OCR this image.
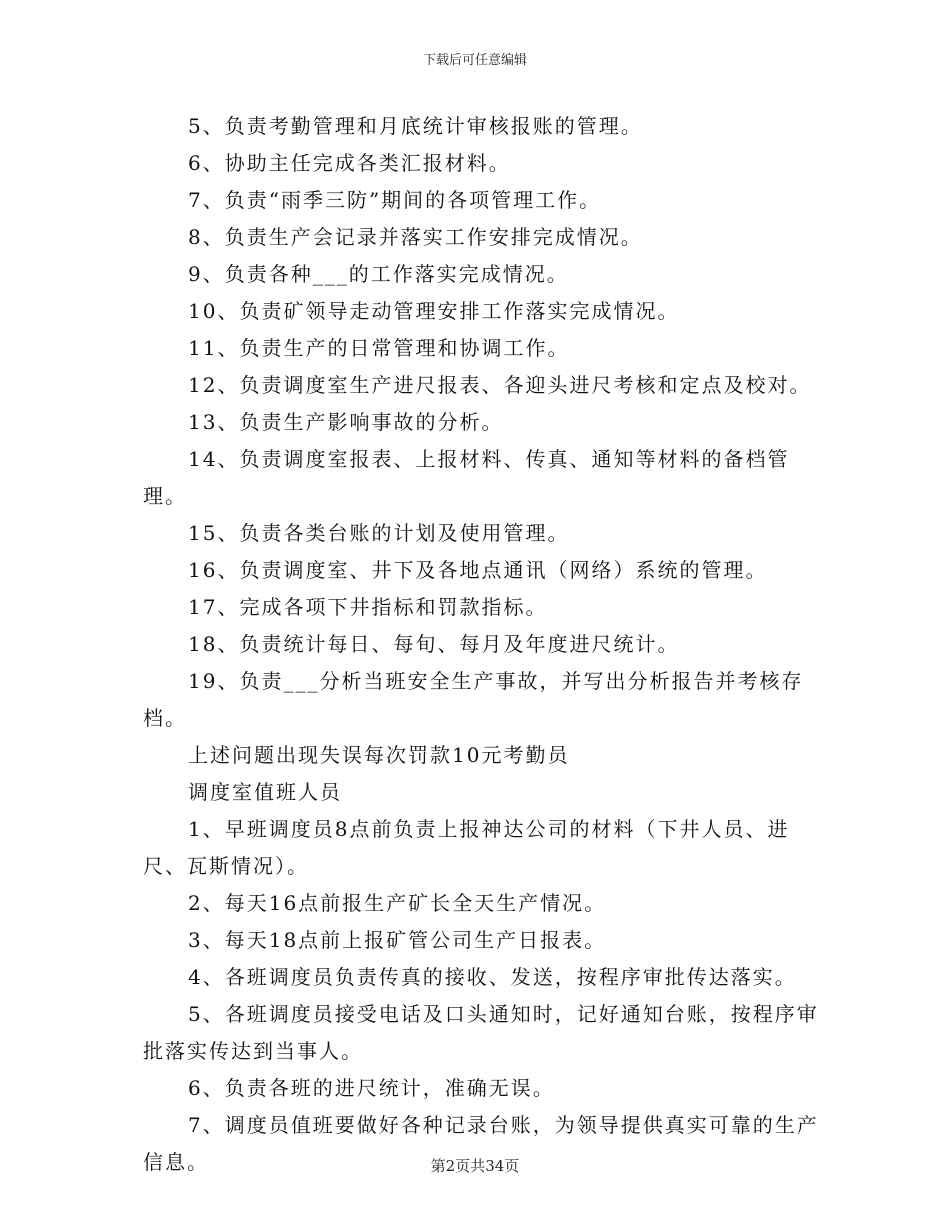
下载后可任意编辑

5、负责考勤管理和月底统计审核报账的管理。

6、协助主任完成各类汇报材料。

7、负责“雨季三防”期间的各项管理工作。

8、负责生产会记录并落实工作安排完成情况。

9、负责各种___的工作落实完成情况。

10、负责矿领导走动管理安排工作落实完成情况。

11、负责生产的日常管理和协调工作。

12、负责调度室生产进尺报表、各迎头进尺考核和定点及校对。

13、负责生产影响事故的分析。

14、负责调度室报表、上报材料、传真、通知等材料的备档管理。

15、负责各类台账的计划及使用管理。

16、负责调度室、井下及各地点通讯（网络）系统的管理。

17、完成各项下井指标和罚款指标。

18、负责统计每日、每旬、每月及年度进尺统计。

19、负责___分析当班安全生产事故，并写出分析报告并考核存档。

上述问题出现失误每次罚款10元考勤员

调度室值班人员

1、早班调度员8点前负责上报神达公司的材料（下井人员、进尺、瓦斯情况）。

2、每天16点前报生产矿长全天生产情况。

3、每天18点前上报矿管公司生产日报表。

4、各班调度员负责传真的接收、发送，按程序审批传达落实。

5、各班调度员接受电话及口头通知时，记好通知台账，按程序审批落实传达到当事人。

6、负责各班的进尺统计，准确无误。

7、调度员值班要做好各种记录台账，为领导提供真实可靠的生产信息。	第2页共34页
